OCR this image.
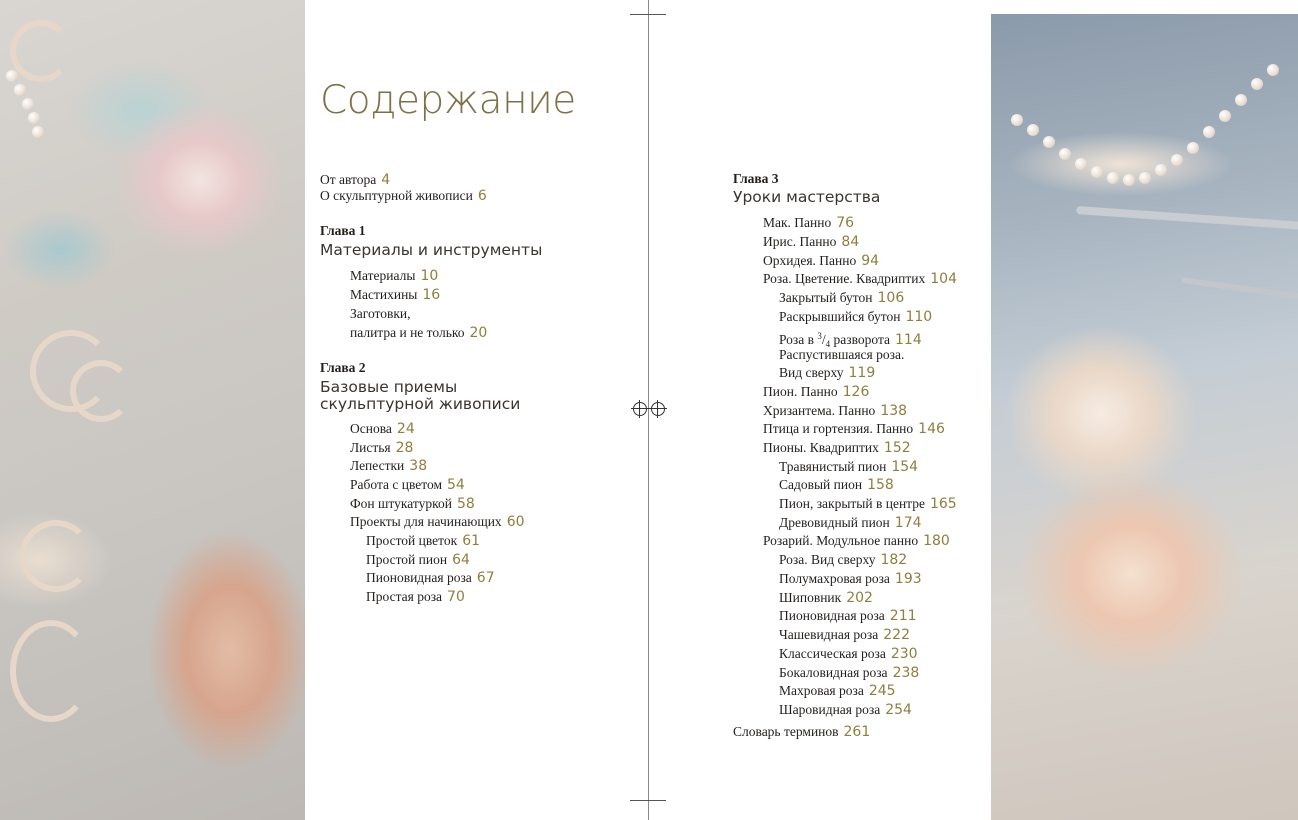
Содержание
От автора 4
О скульптурной живописи 6
Глава 1
Материалы и инструменты
Материалы 10
Мастихины 16
Заготовки,
палитра и не только 20
Глава 2
Базовые приемы
скульптурной живописи
Основа 24
Листья 28
Лепестки 38
Работа с цветом 54
Фон штукатуркой 58
Проекты для начинающих 60
Простой цветок 61
Простой пион 64
Пионовидная роза 67
Простая роза 70
Глава 3
Уроки мастерства
Мак. Панно 76
Ирис. Панно 84
Орхидея. Панно 94
Роза. Цветение. Квадриптих 104
Закрытый бутон 106
Раскрывшийся бутон 110
Роза в $^3/_4$ разворота 114
Распустившаяся роза.
Вид сверху 119
Пион. Панно 126
Хризантема. Панно 138
Птица и гортензия. Панно 146
Пионы. Квадриптих 152
Травянистый пион 154
Садовый пион 158
Пион, закрытый в центре 165
Древовидный пион 174
Розарий. Модульное панно 180
Роза. Вид сверху 182
Полумахровая роза 193
Шиповник 202
Пионовидная роза 211
Чашевидная роза 222
Классическая роза 230
Бокаловидная роза 238
Махровая роза 245
Шаровидная роза 254
Словарь терминов 261
